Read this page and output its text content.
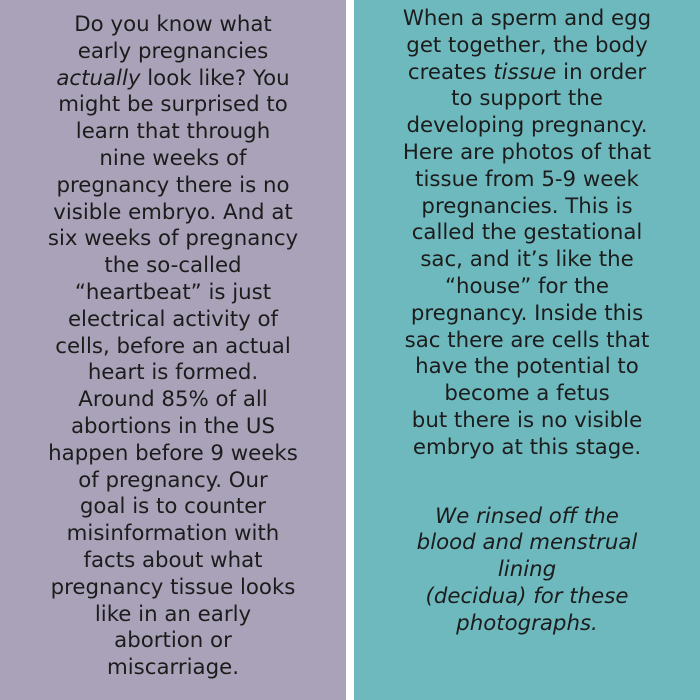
Do you know what
early pregnancies
actually look like? You
might be surprised to
learn that through
nine weeks of
pregnancy there is no
visible embryo. And at
six weeks of pregnancy
the so-called
“heartbeat” is just
electrical activity of
cells, before an actual
heart is formed.
Around 85% of all
abortions in the US
happen before 9 weeks
of pregnancy. Our
goal is to counter
misinformation with
facts about what
pregnancy tissue looks
like in an early
abortion or
miscarriage.
When a sperm and egg
get together, the body
creates tissue in order
to support the
developing pregnancy.
Here are photos of that
tissue from 5-9 week
pregnancies. This is
called the gestational
sac, and it’s like the
“house” for the
pregnancy. Inside this
sac there are cells that
have the potential to
become a fetus
but there is no visible
embryo at this stage.
We rinsed off the
blood and menstrual
lining
(decidua) for these
photographs.
